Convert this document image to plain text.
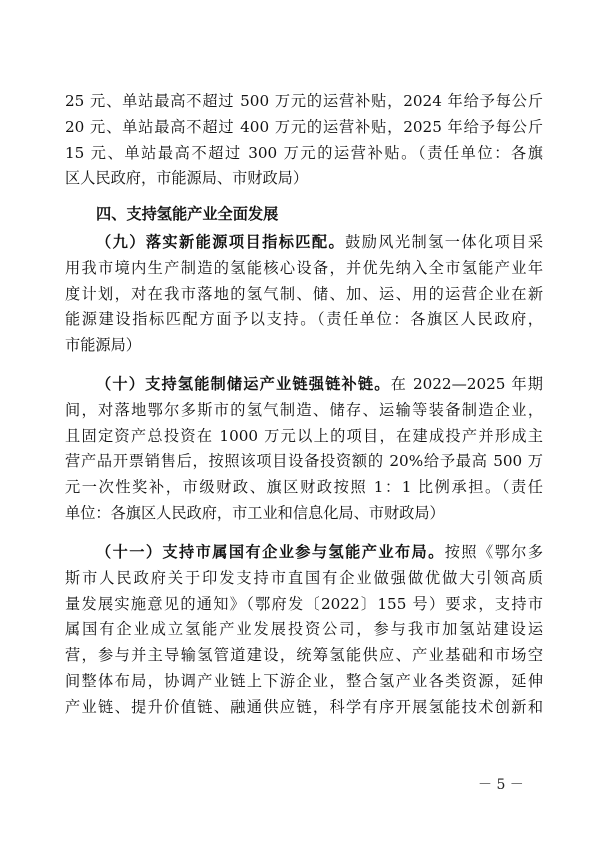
25 元、单站最高不超过 500 万元的运营补贴，2024 年给予每公斤
20 元、单站最高不超过 400 万元的运营补贴，2025 年给予每公斤
15 元、单站最高不超过 300 万元的运营补贴。（责任单位：各旗
区人民政府，市能源局、市财政局）
四、支持氢能产业全面发展
（九）落实新能源项目指标匹配。鼓励风光制氢一体化项目采
用我市境内生产制造的氢能核心设备，并优先纳入全市氢能产业年
度计划，对在我市落地的氢气制、储、加、运、用的运营企业在新
能源建设指标匹配方面予以支持。（责任单位：各旗区人民政府，
市能源局）
（十）支持氢能制储运产业链强链补链。在 2022—2025 年期
间，对落地鄂尔多斯市的氢气制造、储存、运输等装备制造企业，
且固定资产总投资在 1000 万元以上的项目，在建成投产并形成主
营产品开票销售后，按照该项目设备投资额的 20%给予最高 500 万
元一次性奖补，市级财政、旗区财政按照 1：1 比例承担。（责任
单位：各旗区人民政府，市工业和信息化局、市财政局）
（十一）支持市属国有企业参与氢能产业布局。按照《鄂尔多
斯市人民政府关于印发支持市直国有企业做强做优做大引领高质
量发展实施意见的通知》（鄂府发〔2022〕155 号）要求，支持市
属国有企业成立氢能产业发展投资公司，参与我市加氢站建设运
营，参与并主导输氢管道建设，统筹氢能供应、产业基础和市场空
间整体布局，协调产业链上下游企业，整合氢产业各类资源，延伸
产业链、提升价值链、融通供应链，科学有序开展氢能技术创新和
－ 5 －
